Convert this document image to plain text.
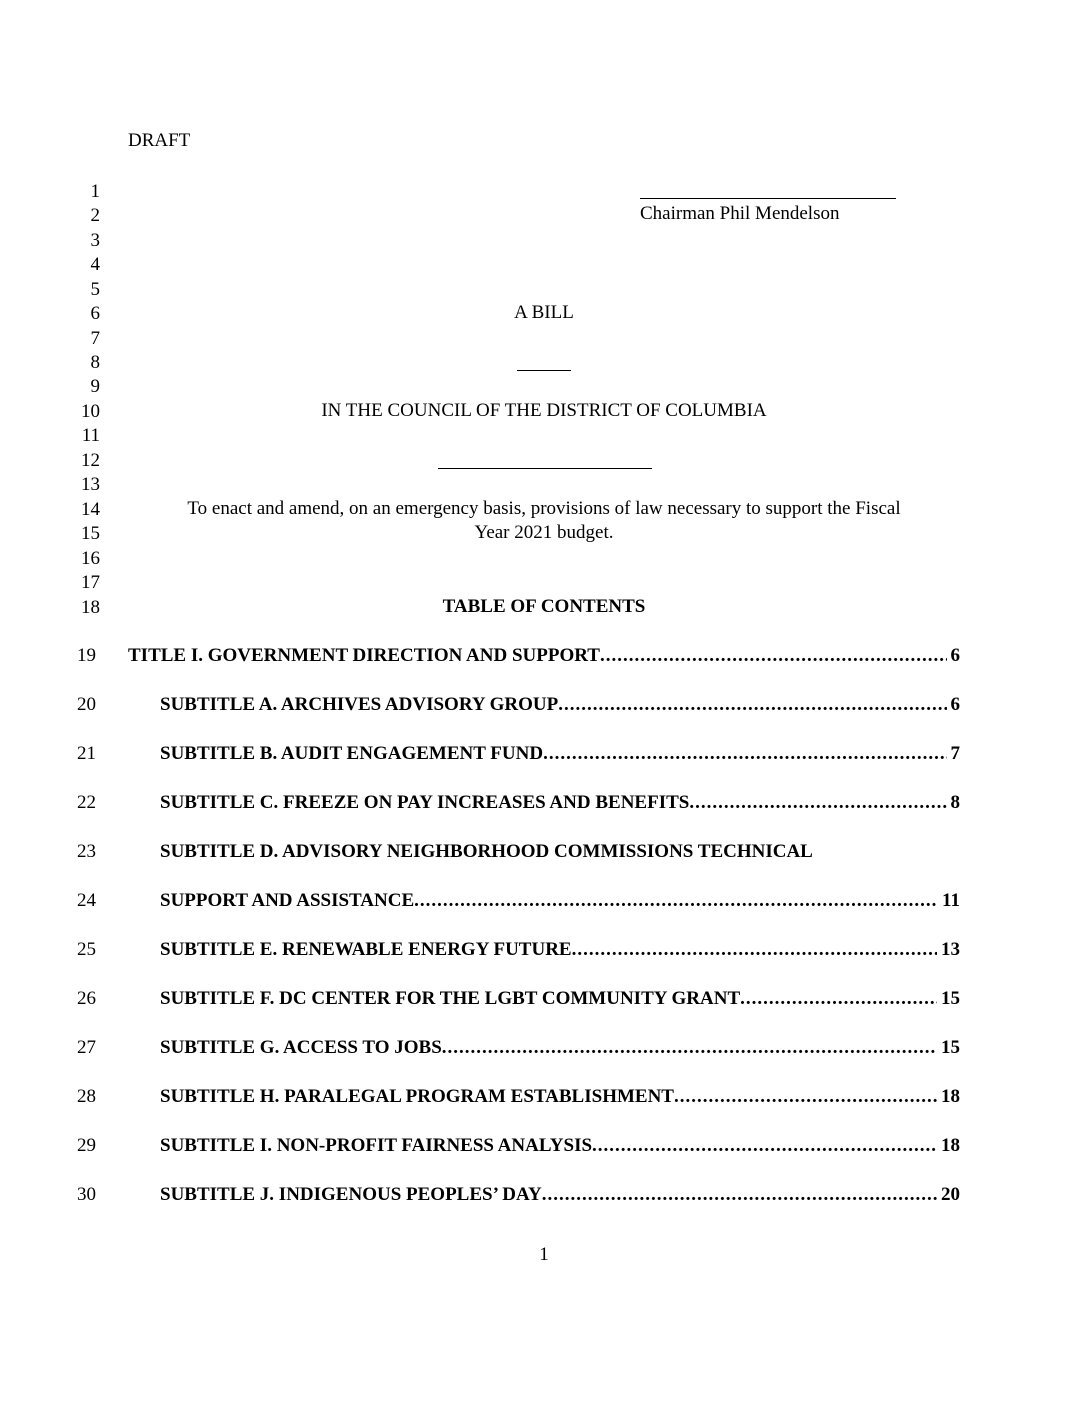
DRAFT
1
2
3
4
5
6
7
8
9
10
11
12
13
14
15
16
17
18
Chairman Phil Mendelson
A BILL
IN THE COUNCIL OF THE DISTRICT OF COLUMBIA
To enact and amend, on an emergency basis, provisions of law necessary to support the Fiscal
Year 2021 budget.
TABLE OF CONTENTS
19 TITLE I. GOVERNMENT DIRECTION AND SUPPORT .....	6
20	SUBTITLE A. ARCHIVES ADVISORY GROUP .....	6
21	SUBTITLE B. AUDIT ENGAGEMENT FUND .....	7
22	SUBTITLE C. FREEZE ON PAY INCREASES AND BENEFITS .....	8
23	SUBTITLE D. ADVISORY NEIGHBORHOOD COMMISSIONS TECHNICAL
24	SUPPORT AND ASSISTANCE .....	11
25	SUBTITLE E. RENEWABLE ENERGY FUTURE .....	13
26	SUBTITLE F. DC CENTER FOR THE LGBT COMMUNITY GRANT .....	15
27	SUBTITLE G. ACCESS TO JOBS .....	15
28	SUBTITLE H. PARALEGAL PROGRAM ESTABLISHMENT .....	18
29	SUBTITLE I. NON-PROFIT FAIRNESS ANALYSIS .....	18
30	SUBTITLE J. INDIGENOUS PEOPLES’ DAY .....	20
1
